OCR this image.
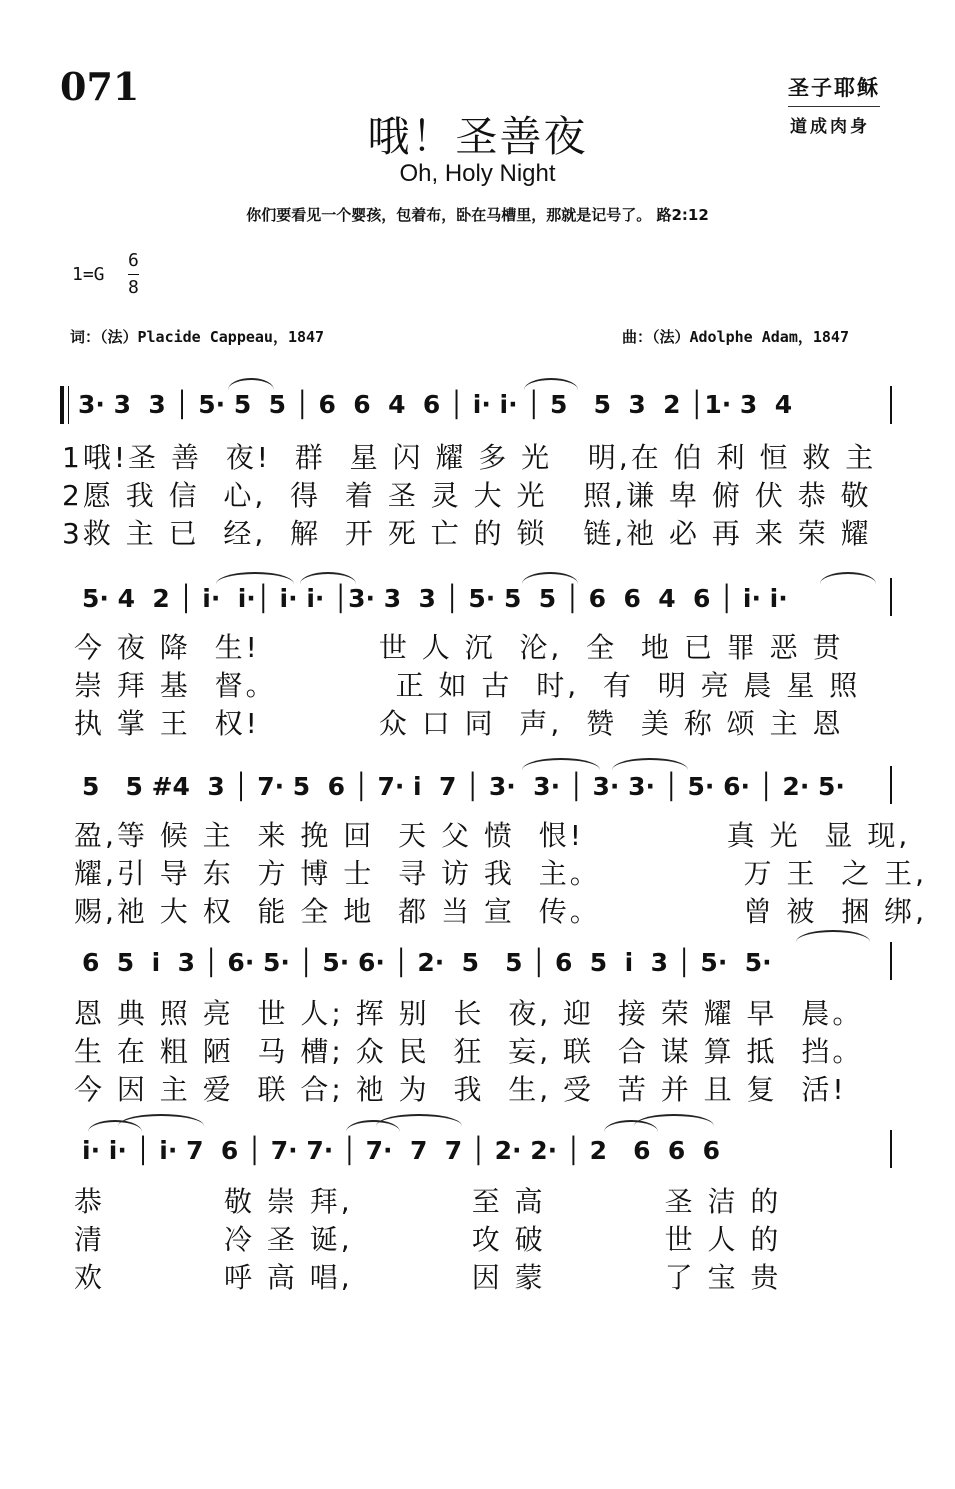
071	圣子耶稣
道成肉身
哦！圣善夜
Oh, Holy Night
你们要看见一个婴孩，包着布，卧在马槽里，那就是记号了。 路2:12
$1=G \frac{6}{8}$
词：（法）Placide Cappeau，1847	曲：（法）Adolphe Adam，1847
3· 3  3 │ 5· 5  5 │ 6  6  4  6 │ i· i· │ 5   5  3  2 │1· 3  4
1哦!圣 善  夜!  群  星 闪 耀 多 光   明,在 伯 利 恒 救 主
2愿 我 信  心,  得  着 圣 灵 大 光   照,谦 卑 俯 伏 恭 敬
3救 主 已  经,  解  开 死 亡 的 锁   链,祂 必 再 来 荣 耀
5· 4  2 │ i·  i·│ i· i· │3· 3  3 │ 5· 5  5 │ 6  6  4  6 │ i· i·
今 夜 降  生!          世 人 沉  沦,  全  地 已 罪 恶 贯
崇 拜 基  督。          正 如 古  时,  有  明 亮 晨 星 照
执 掌 王  权!          众 口 同  声,  赞  美 称 颂 主 恩
5   5 #4  3 │ 7· 5  6 │ 7· i  7 │ 3·  3· │ 3· 3· │ 5· 6· │ 2· 5·
盈,等 候 主  来 挽 回  天 父 愤  恨!            真 光  显 现,
耀,引 导 东  方 博 士  寻 访 我  主。            万 王  之 王,
赐,祂 大 权  能 全 地  都 当 宣  传。            曾 被  捆 绑,
6  5  i  3 │ 6· 5· │ 5· 6· │ 2·  5   5 │ 6  5  i  3 │ 5·  5·
恩 典 照 亮  世 人; 挥 别  长  夜, 迎  接 荣 耀 早  晨。
生 在 粗 陋  马 槽; 众 民  狂  妄, 联  合 谋 算 抵  挡。
今 因 主 爱  联 合; 祂 为  我  生, 受  苦 并 且 复  活!
i· i· │ i· 7  6 │ 7· 7· │ 7·  7  7 │ 2· 2· │ 2   6  6  6
恭          敬 崇 拜,          至 高          圣 洁 的
清          冷 圣 诞,          攻 破          世 人 的
欢          呼 高 唱,          因 蒙          了 宝 贵
